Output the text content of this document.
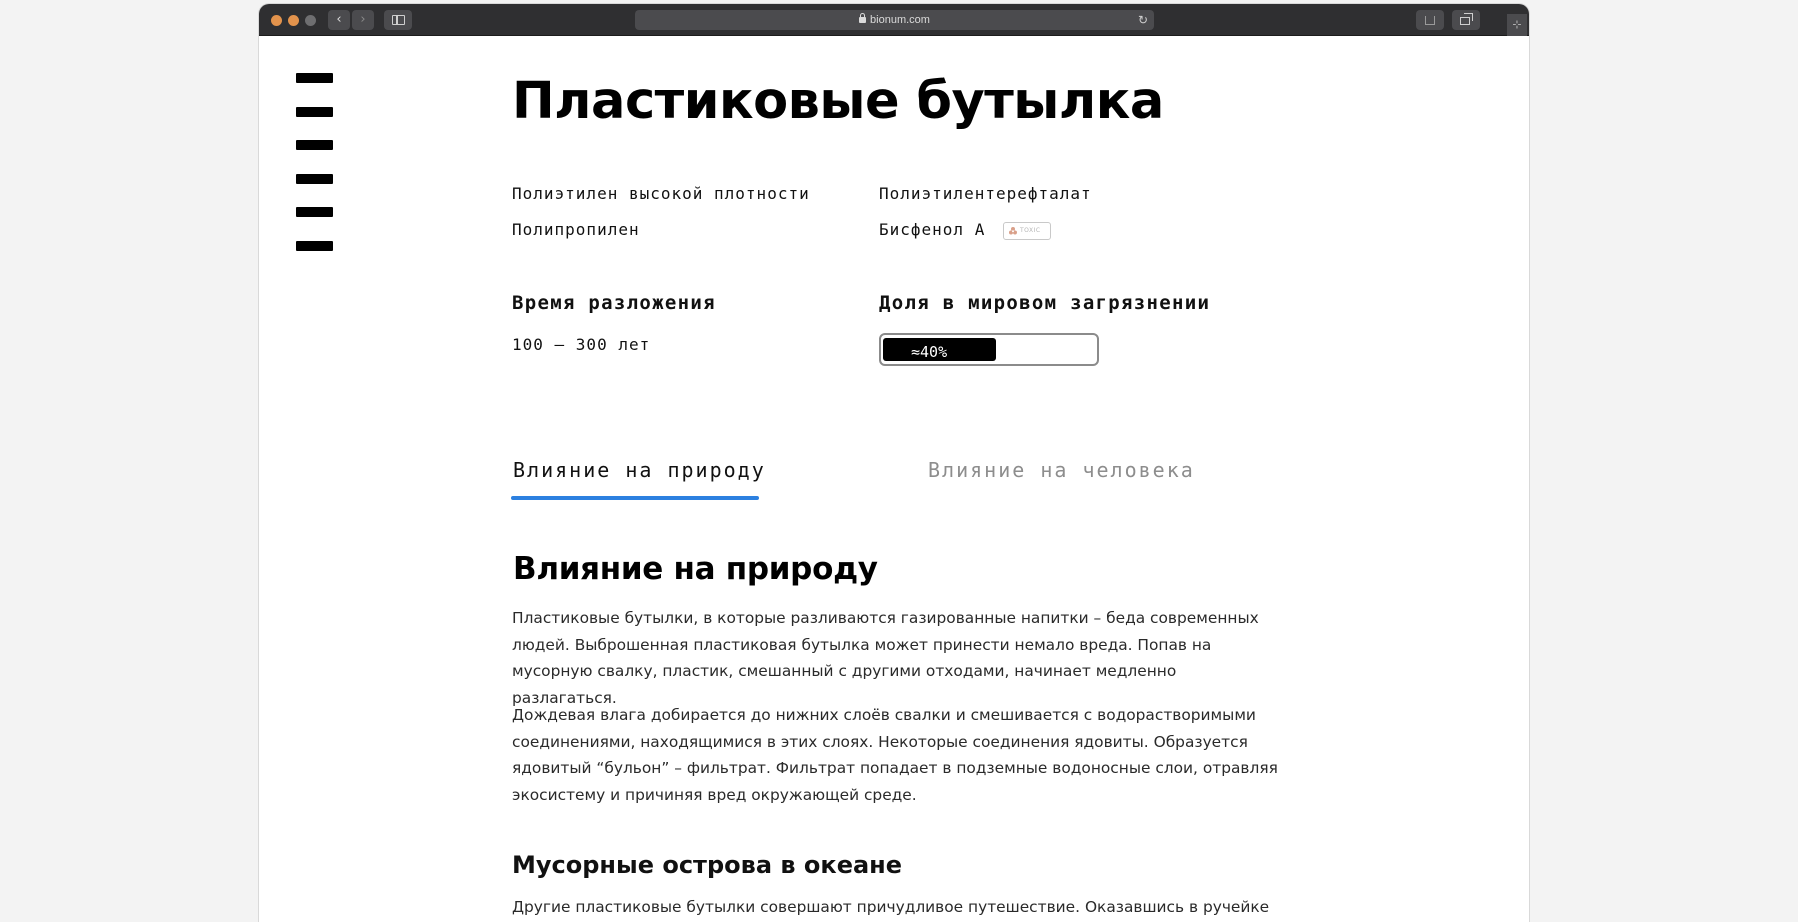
‹	›	bionum.com	↻	⊹
Пластиковые бутылка
Полиэтилен высокой плотности	Полиэтилентерефталат
Полипропилен	Бисфенол А	TOXIC
Время разложения
100 – 300 лет
Доля в мировом загрязнении
≈40%
Влияние на природу	Влияние на человека
Влияние на природу

Пластиковые бутылки, в которые разливаются газированные напитки – беда современных людей. Выброшенная пластиковая бутылка может принести немало вреда. Попав на мусорную свалку, пластик, смешанный с другими отходами, начинает медленно разлагаться.

Дождевая влага добирается до нижних слоёв свалки и смешивается с водорастворимыми соединениями, находящимися в этих слоях. Некоторые соединения ядовиты. Образуется ядовитый “бульон” – фильтрат. Фильтрат попадает в подземные водоносные слои, отравляя экосистему и причиняя вред окружающей среде.

Мусорные острова в океане

Другие пластиковые бутылки совершают причудливое путешествие. Оказавшись в ручейке
